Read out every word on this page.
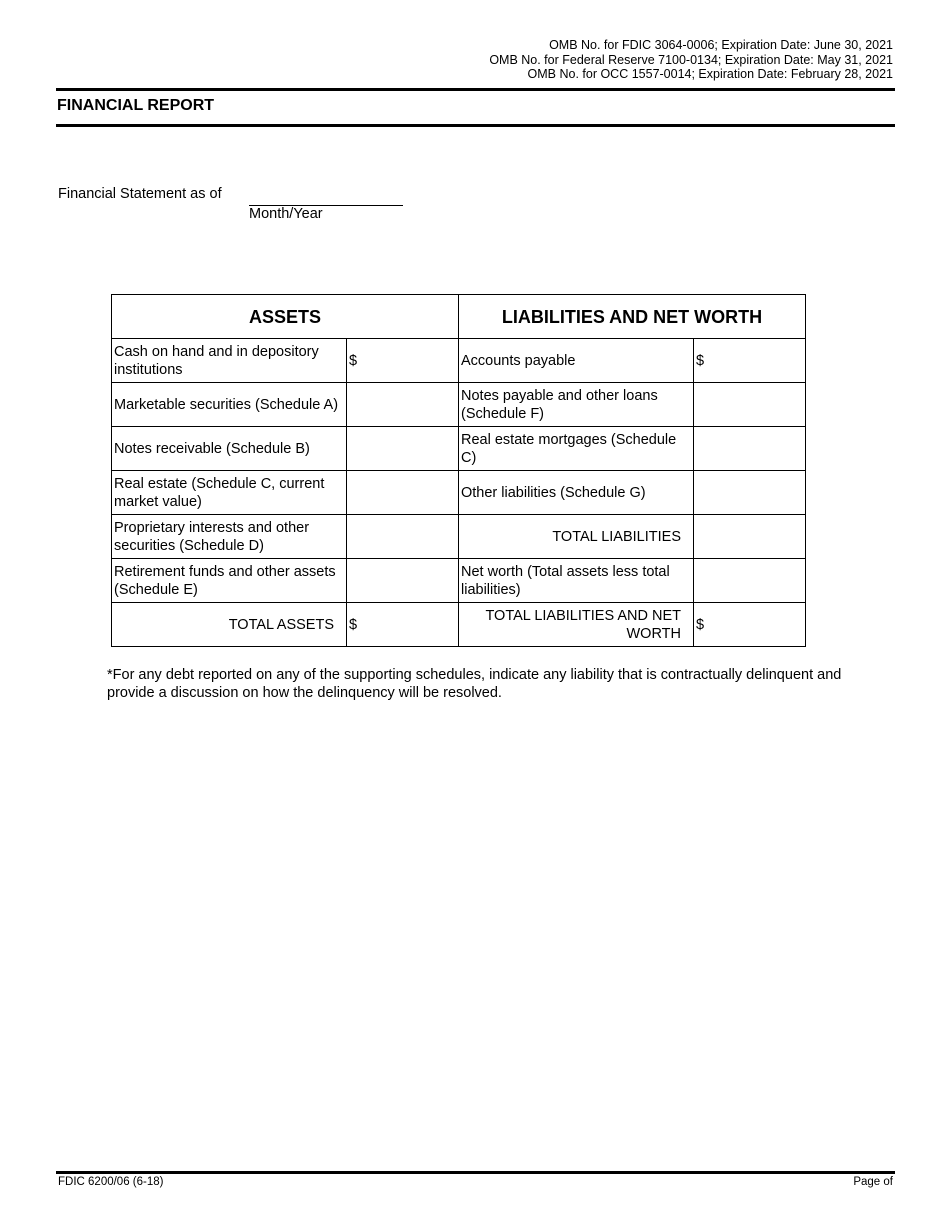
OMB No. for FDIC 3064-0006; Expiration Date: June 30, 2021
OMB No. for Federal Reserve 7100-0134; Expiration Date: May 31, 2021
OMB No. for OCC 1557-0014; Expiration Date: February 28, 2021
FINANCIAL REPORT
Financial Statement as of
Month/Year
ASSETS		LIABILITIES AND NET WORTH	
Cash on hand and in depository institutions	$	Accounts payable	$
Marketable securities (Schedule A)		Notes payable and other loans (Schedule F)	
Notes receivable (Schedule B)		Real estate mortgages (Schedule C)	
Real estate (Schedule C, current market value)		Other liabilities (Schedule G)	
Proprietary interests and other securities (Schedule D)		TOTAL LIABILITIES	
Retirement funds and other assets (Schedule E)		Net worth (Total assets less total liabilities)	
TOTAL ASSETS	$	TOTAL LIABILITIES AND NET WORTH	$
*For any debt reported on any of the supporting schedules, indicate any liability that is contractually delinquent and provide a discussion on how the delinquency will be resolved.
FDIC 6200/06 (6-18)	Page of
